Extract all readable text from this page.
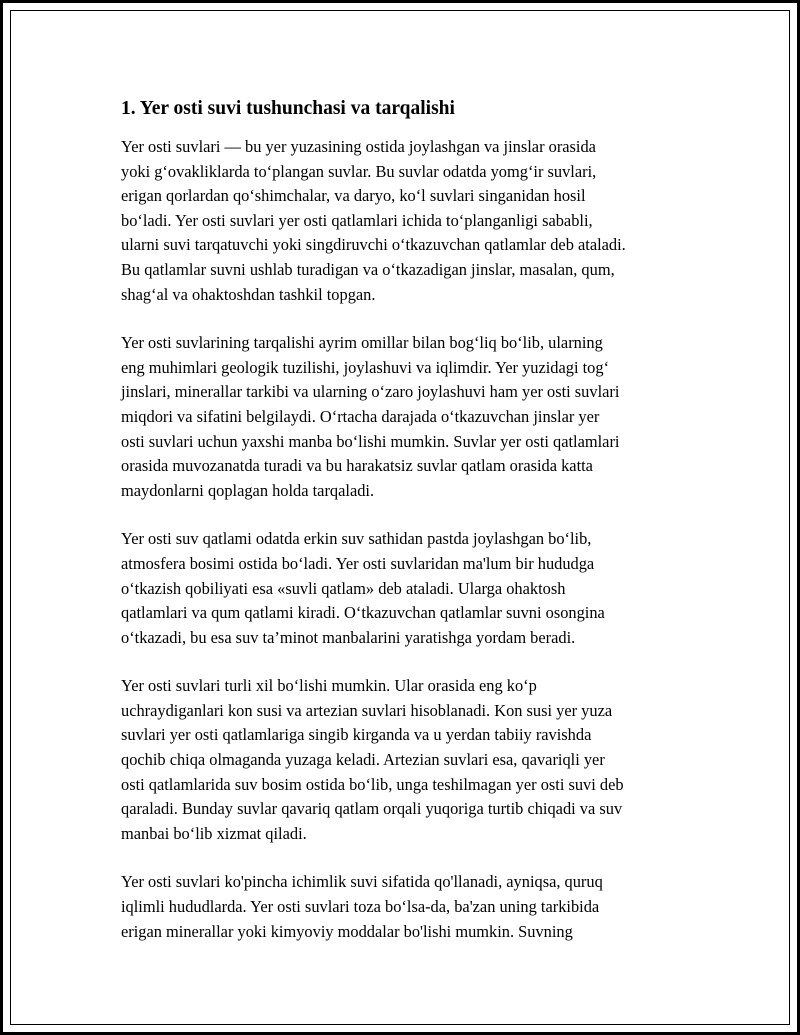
1. Yer osti suvi tushunchasi va tarqalishi

Yer osti suvlari — bu yer yuzasining ostida joylashgan va jinslar orasida
yoki g‘ovakliklarda to‘plangan suvlar. Bu suvlar odatda yomg‘ir suvlari,
erigan qorlardan qo‘shimchalar, va daryo, ko‘l suvlari singanidan hosil
bo‘ladi. Yer osti suvlari yer osti qatlamlari ichida to‘planganligi sababli,
ularni suvi tarqatuvchi yoki singdiruvchi o‘tkazuvchan qatlamlar deb ataladi.
Bu qatlamlar suvni ushlab turadigan va o‘tkazadigan jinslar, masalan, qum,
shag‘al va ohaktoshdan tashkil topgan.

Yer osti suvlarining tarqalishi ayrim omillar bilan bog‘liq bo‘lib, ularning
eng muhimlari geologik tuzilishi, joylashuvi va iqlimdir. Yer yuzidagi tog‘
jinslari, minerallar tarkibi va ularning o‘zaro joylashuvi ham yer osti suvlari
miqdori va sifatini belgilaydi. O‘rtacha darajada o‘tkazuvchan jinslar yer
osti suvlari uchun yaxshi manba bo‘lishi mumkin. Suvlar yer osti qatlamlari
orasida muvozanatda turadi va bu harakatsiz suvlar qatlam orasida katta
maydonlarni qoplagan holda tarqaladi.

Yer osti suv qatlami odatda erkin suv sathidan pastda joylashgan bo‘lib,
atmosfera bosimi ostida bo‘ladi. Yer osti suvlaridan ma'lum bir hududga
o‘tkazish qobiliyati esa «suvli qatlam» deb ataladi. Ularga ohaktosh
qatlamlari va qum qatlami kiradi. O‘tkazuvchan qatlamlar suvni osongina
o‘tkazadi, bu esa suv ta’minot manbalarini yaratishga yordam beradi.

Yer osti suvlari turli xil bo‘lishi mumkin. Ular orasida eng ko‘p
uchraydiganlari kon susi va artezian suvlari hisoblanadi. Kon susi yer yuza
suvlari yer osti qatlamlariga singib kirganda va u yerdan tabiiy ravishda
qochib chiqa olmaganda yuzaga keladi. Artezian suvlari esa, qavariqli yer
osti qatlamlarida suv bosim ostida bo‘lib, unga teshilmagan yer osti suvi deb
qaraladi. Bunday suvlar qavariq qatlam orqali yuqoriga turtib chiqadi va suv
manbai bo‘lib xizmat qiladi.

Yer osti suvlari ko'pincha ichimlik suvi sifatida qo'llanadi, ayniqsa, quruq
iqlimli hududlarda. Yer osti suvlari toza bo‘lsa-da, ba'zan uning tarkibida
erigan minerallar yoki kimyoviy moddalar bo'lishi mumkin. Suvning
